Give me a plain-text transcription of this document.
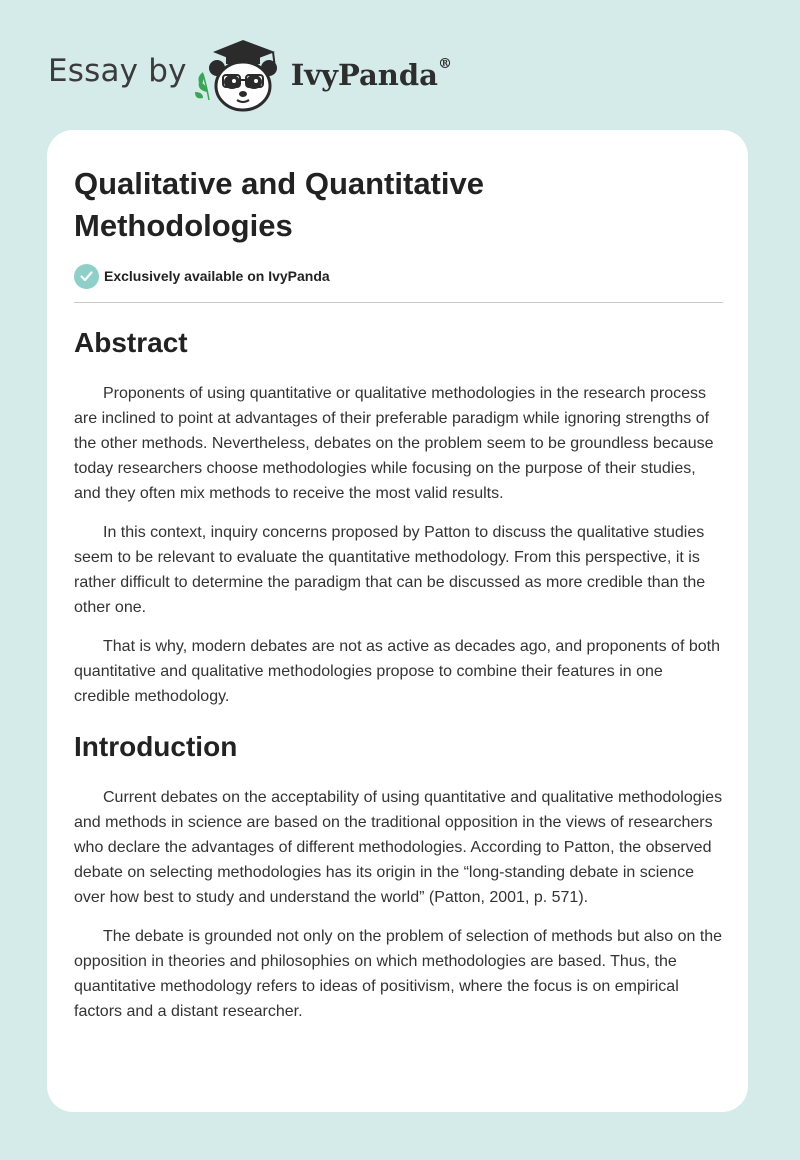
Essay by	IvyPanda®
Qualitative and Quantitative Methodologies
Exclusively available on IvyPanda
Abstract

Proponents of using quantitative or qualitative methodologies in the research process are inclined to point at advantages of their preferable paradigm while ignoring strengths of the other methods. Nevertheless, debates on the problem seem to be groundless because today researchers choose methodologies while focusing on the purpose of their studies, and they often mix methods to receive the most valid results.

In this context, inquiry concerns proposed by Patton to discuss the qualitative studies seem to be relevant to evaluate the quantitative methodology. From this perspective, it is rather difficult to determine the paradigm that can be discussed as more credible than the other one.

That is why, modern debates are not as active as decades ago, and proponents of both quantitative and qualitative methodologies propose to combine their features in one credible methodology.

Introduction

Current debates on the acceptability of using quantitative and qualitative methodologies and methods in science are based on the traditional opposition in the views of researchers who declare the advantages of different methodologies. According to Patton, the observed debate on selecting methodologies has its origin in the “long-standing debate in science over how best to study and understand the world” (Patton, 2001, p. 571).

The debate is grounded not only on the problem of selection of methods but also on the opposition in theories and philosophies on which methodologies are based. Thus, the quantitative methodology refers to ideas of positivism, where the focus is on empirical factors and a distant researcher.
